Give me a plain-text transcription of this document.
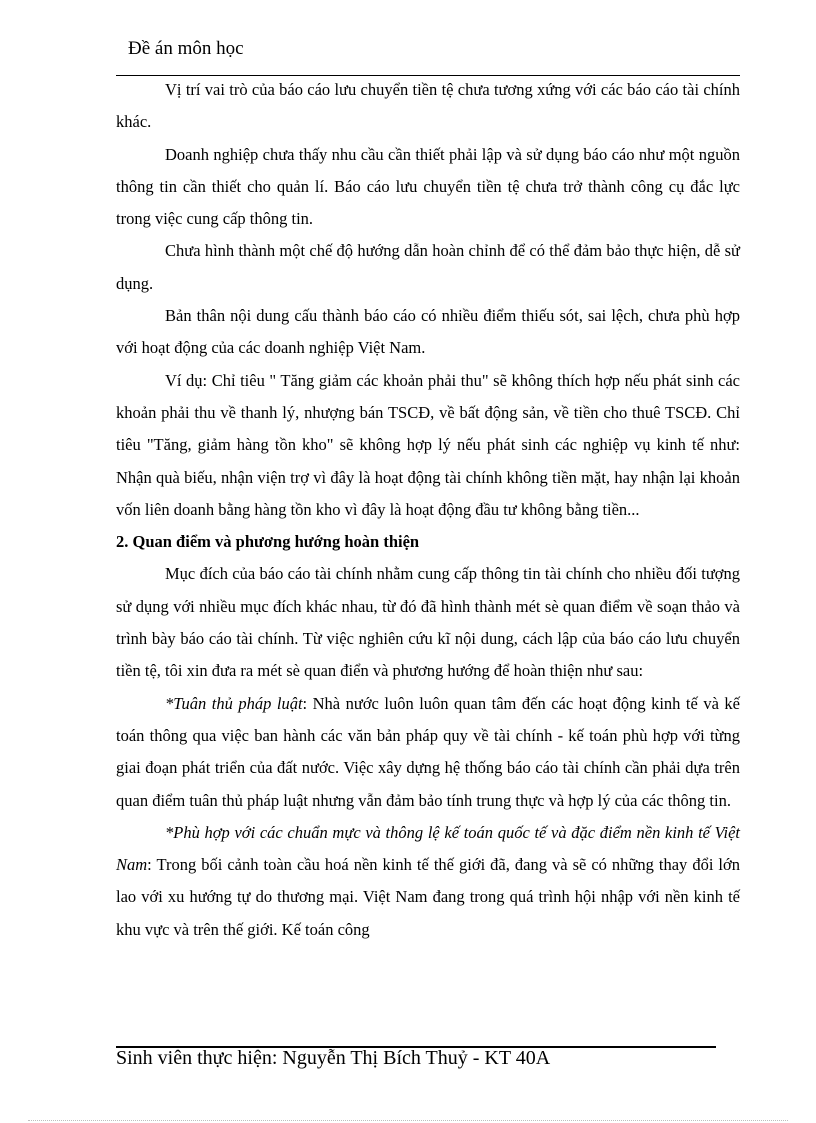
Đề án môn học

Vị trí vai trò của báo cáo lưu chuyển tiền tệ chưa tương xứng với các báo cáo tài chính khác.

Doanh nghiệp chưa thấy nhu cầu cần thiết phải lập và sử dụng báo cáo như một nguồn thông tin cần thiết cho quản lí. Báo cáo lưu chuyển tiền tệ chưa trở thành công cụ đắc lực trong việc cung cấp thông tin.

Chưa hình thành một chế độ hướng dẫn hoàn chỉnh để có thể đảm bảo thực hiện, dễ sử dụng.

Bản thân nội dung cấu thành báo cáo có nhiều điểm thiếu sót, sai lệch, chưa phù hợp với hoạt động của các doanh nghiệp Việt Nam.

Ví dụ: Chỉ tiêu " Tăng giảm các khoản phải thu" sẽ không thích hợp nếu phát sinh các khoản phải thu về thanh lý, nhượng bán TSCĐ, về bất động sản, về tiền cho thuê TSCĐ. Chỉ tiêu "Tăng, giảm hàng tồn kho" sẽ không hợp lý nếu phát sinh các nghiệp vụ kinh tế như: Nhận quà biếu, nhận viện trợ vì đây là hoạt động tài chính không tiền mặt, hay nhận lại khoản vốn liên doanh bằng hàng tồn kho vì đây là hoạt động đầu tư không bằng tiền...

2. Quan điểm và phương hướng hoàn thiện

Mục đích của báo cáo tài chính nhằm cung cấp thông tin tài chính cho nhiều đối tượng sử dụng với nhiều mục đích khác nhau, từ đó đã hình thành mét sè quan điểm về soạn thảo và trình bày báo cáo tài chính. Từ việc nghiên cứu kĩ nội dung, cách lập của báo cáo lưu chuyển tiền tệ, tôi xin đưa ra mét sè quan điển và phương hướng để hoàn thiện như sau:

*Tuân thủ pháp luật: Nhà nước luôn luôn quan tâm đến các hoạt động kinh tế và kế toán thông qua việc ban hành các văn bản pháp quy về tài chính - kế toán phù hợp với từng giai đoạn phát triển của đất nước. Việc xây dựng hệ thống báo cáo tài chính cần phải dựa trên quan điểm tuân thủ pháp luật nhưng vẫn đảm bảo tính trung thực và hợp lý của các thông tin.

*Phù hợp với các chuẩn mực và thông lệ kế toán quốc tế và đặc điểm nền kinh tế Việt Nam: Trong bối cảnh toàn cầu hoá nền kinh tế thế giới đã, đang và sẽ có những thay đổi lớn lao với xu hướng tự do thương mại. Việt Nam đang trong quá trình hội nhập với nền kinh tế khu vực và trên thế giới. Kế toán công

Sinh viên thực hiện: Nguyễn Thị Bích Thuỷ - KT 40A
